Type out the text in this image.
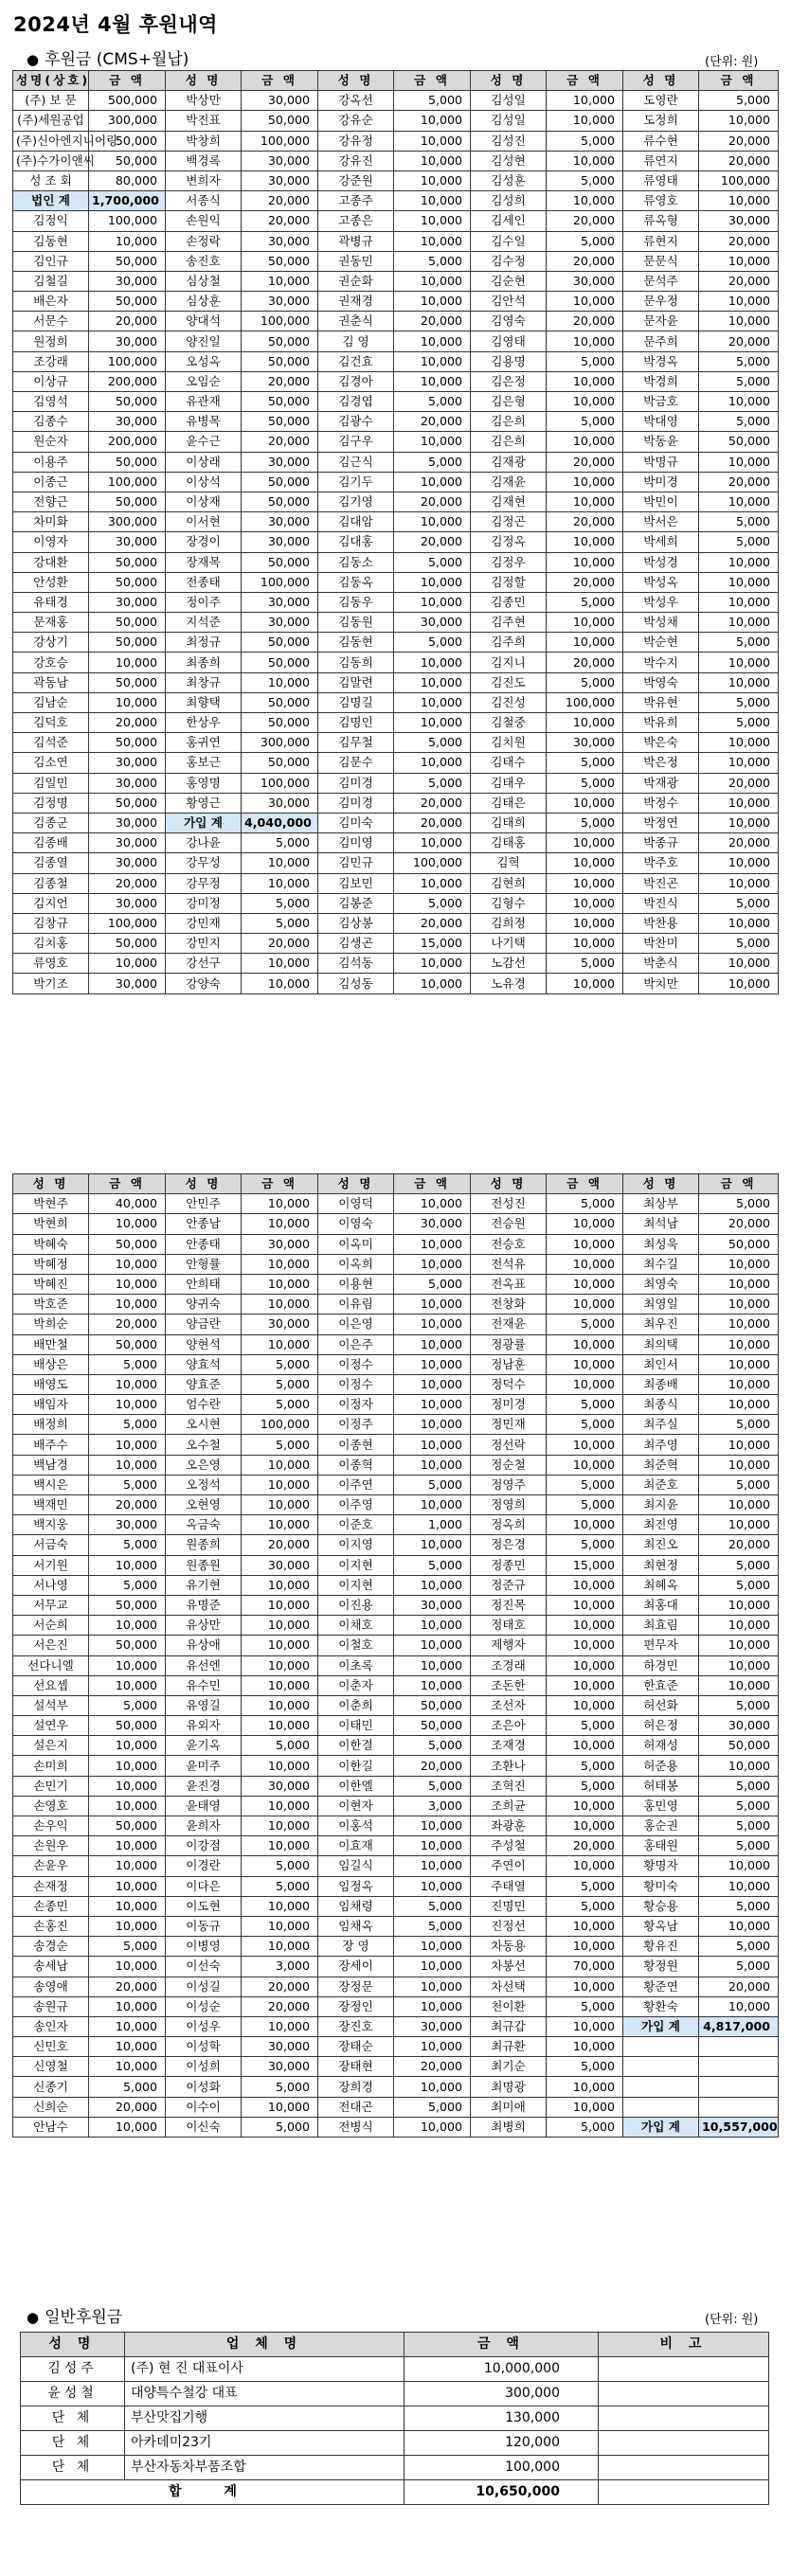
2024년 4월 후원내역
● 후원금 (CMS+월납)	(단위: 원)
성명(상호)	금 액	성 명	금 액	성 명	금 액	성 명	금 액	성 명	금 액
(주) 보 문	500,000	박상만	30,000	강옥선	5,000	김성일	10,000	도영란	5,000
(주)세원공업	300,000	박진표	50,000	강유순	10,000	김성일	10,000	도정희	10,000
(주)신아엔지니어링	50,000	박창희	100,000	강유정	10,000	김성진	5,000	류수현	20,000
(주)수가이앤씨	50,000	백경록	30,000	강유진	10,000	김성현	10,000	류연지	20,000
성 조 회	80,000	변희자	30,000	강준원	10,000	김성훈	5,000	류영태	100,000
법인 계	1,700,000	서종식	20,000	고종주	10,000	김성희	10,000	류영호	10,000
김정익	100,000	손원익	20,000	고종은	10,000	김세인	20,000	류옥형	30,000
김동현	10,000	손정락	30,000	곽병규	10,000	김수일	5,000	류현지	20,000
김인규	50,000	송진호	50,000	권동민	5,000	김수정	20,000	문문식	10,000
김철길	30,000	심상철	10,000	권순화	10,000	김순현	30,000	문석주	20,000
배은자	50,000	심상훈	30,000	권재경	10,000	김안석	10,000	문우정	10,000
서문수	20,000	양대석	100,000	권춘식	20,000	김영숙	20,000	문자윤	10,000
원정희	30,000	양진일	50,000	김 영	10,000	김영태	10,000	문주희	20,000
조강래	100,000	오성옥	50,000	김건효	10,000	김용명	5,000	박경옥	5,000
이상규	200,000	오임순	20,000	김경아	10,000	김은정	10,000	박경희	5,000
김영석	50,000	유관재	50,000	김경엽	5,000	김은형	10,000	박금호	10,000
김종수	30,000	유병목	50,000	김광수	20,000	김은희	5,000	박대영	5,000
원순자	200,000	윤수근	20,000	김구우	10,000	김은희	10,000	박동윤	50,000
이용주	50,000	이상래	30,000	김근식	5,000	김재광	20,000	박명규	10,000
이종근	100,000	이상석	50,000	김기두	10,000	김재윤	10,000	박미경	20,000
전향근	50,000	이상재	50,000	김기영	20,000	김재현	10,000	박민이	10,000
차미화	300,000	이서현	30,000	김대암	10,000	김정곤	20,000	박서은	5,000
이영자	30,000	장경이	30,000	김대홍	20,000	김정옥	10,000	박세희	5,000
강대환	50,000	장재목	50,000	김동소	5,000	김정우	10,000	박성경	10,000
안성환	50,000	전종태	100,000	김동옥	10,000	김정할	20,000	박성옥	10,000
유태경	30,000	정이주	30,000	김동우	10,000	김종민	5,000	박성우	10,000
문재홍	50,000	지석준	30,000	김동원	30,000	김주현	10,000	박성채	10,000
강상기	50,000	최정규	50,000	김동현	5,000	김주희	10,000	박순현	5,000
강호승	10,000	최종희	50,000	김동희	10,000	김지니	20,000	박수지	10,000
곽동남	50,000	최창규	10,000	김말련	10,000	김진도	5,000	박영숙	10,000
김남순	10,000	최향택	50,000	김명길	10,000	김진성	100,000	박유현	5,000
김덕호	20,000	한상우	50,000	김명인	10,000	김철중	10,000	박유희	5,000
김석준	50,000	홍귀연	300,000	김무철	5,000	김치원	30,000	박은숙	10,000
김소연	30,000	홍보근	50,000	김문수	10,000	김태수	5,000	박은정	10,000
김일민	30,000	홍영명	100,000	김미경	5,000	김태우	5,000	박재광	20,000
김정명	50,000	황영근	30,000	김미경	20,000	김태은	10,000	박정수	10,000
김종군	30,000	가입 계	4,040,000	김미숙	20,000	김태희	5,000	박정연	10,000
김종배	30,000	강나윤	5,000	김미영	10,000	김태홍	10,000	박종규	20,000
김종열	30,000	강무성	10,000	김민규	100,000	김혁	10,000	박주호	10,000
김종철	20,000	강무정	10,000	김보민	10,000	김현희	10,000	박진곤	10,000
김지언	30,000	강미정	5,000	김봉준	5,000	김형수	10,000	박진식	5,000
김창규	100,000	강민재	5,000	김상봉	20,000	김희정	10,000	박찬용	10,000
김치홍	50,000	강민지	20,000	김생곤	15,000	나기택	10,000	박찬미	5,000
류영호	10,000	강선구	10,000	김석동	10,000	노감선	5,000	박춘식	10,000
박기조	30,000	강양숙	10,000	김성동	10,000	노유경	10,000	박치만	10,000
성 명	금 액	성 명	금 액	성 명	금 액	성 명	금 액	성 명	금 액
박현주	40,000	안민주	10,000	이영덕	10,000	전성진	5,000	최상부	5,000
박현희	10,000	안종남	10,000	이영숙	30,000	전승원	10,000	최석남	20,000
박혜숙	50,000	안종태	30,000	이옥미	10,000	전승호	10,000	최성욱	50,000
박혜정	10,000	안형률	10,000	이옥희	10,000	전석유	10,000	최수길	10,000
박혜진	10,000	안희태	10,000	이용현	5,000	전옥표	10,000	최영숙	10,000
박호준	10,000	양귀숙	10,000	이유림	10,000	전창화	10,000	최영일	10,000
박희순	20,000	양금란	30,000	이은영	10,000	전재윤	5,000	최우진	10,000
배만철	50,000	양현석	10,000	이은주	10,000	정광률	10,000	최의택	10,000
배상은	5,000	양효석	5,000	이정수	10,000	정남훈	10,000	최인서	10,000
배영도	10,000	양효준	5,000	이정수	10,000	정덕수	10,000	최종배	10,000
배임자	10,000	엄수란	5,000	이정자	10,000	정미경	5,000	최종식	10,000
배정희	5,000	오시현	100,000	이정주	10,000	정민재	5,000	최주실	5,000
배주수	10,000	오수철	5,000	이종현	10,000	정선락	10,000	최주영	10,000
백남경	10,000	오은영	10,000	이종혁	10,000	정순철	10,000	최준혁	10,000
백시은	5,000	오정석	10,000	이주연	5,000	정영주	5,000	최준호	5,000
백재민	20,000	오현영	10,000	이주영	10,000	정영희	5,000	최지윤	10,000
백지웅	30,000	옥금숙	10,000	이준호	1,000	정옥희	10,000	최진영	10,000
서금숙	5,000	원종희	20,000	이지영	10,000	정은경	5,000	최진오	20,000
서기원	10,000	원종원	30,000	이지현	5,000	정종민	15,000	최현정	5,000
서나영	5,000	유기현	10,000	이지현	10,000	정준규	10,000	최혜옥	5,000
서무교	50,000	유명준	10,000	이진용	30,000	정진목	10,000	최홍대	10,000
서순희	10,000	유상만	10,000	이채호	10,000	정태호	10,000	최효림	10,000
서은진	50,000	유상애	10,000	이철호	10,000	제행자	10,000	편무자	10,000
선다니엘	10,000	유선엔	10,000	이초록	10,000	조경래	10,000	하경민	10,000
선요셉	10,000	유수민	10,000	이춘자	10,000	조돈한	10,000	한효준	10,000
설석부	5,000	유영길	10,000	이춘희	50,000	조선자	10,000	허선화	5,000
설연우	50,000	유외자	10,000	이태민	50,000	조은아	5,000	허은정	30,000
설은지	10,000	윤기옥	5,000	이한결	5,000	조재경	10,000	허재성	50,000
손미희	10,000	윤미주	10,000	이한길	20,000	조환나	5,000	허준용	10,000
손민기	10,000	윤진경	30,000	이한엘	5,000	조혁진	5,000	허태봉	5,000
손영호	10,000	윤태영	10,000	이현자	3,000	조희균	10,000	홍민영	5,000
손우익	50,000	윤희자	10,000	이홍석	10,000	좌광훈	10,000	홍순권	5,000
손원우	10,000	이강점	10,000	이효재	10,000	주성철	20,000	홍태원	5,000
손윤우	10,000	이경란	5,000	임길식	10,000	주연이	10,000	황명자	10,000
손재정	10,000	이다은	5,000	임정옥	10,000	주태열	5,000	황미숙	10,000
손종민	10,000	이도현	10,000	임채령	5,000	진명민	5,000	황승용	5,000
손홍진	10,000	이동규	10,000	임채옥	5,000	진정선	10,000	황옥남	10,000
송경순	5,000	이병영	10,000	장 영	10,000	차동용	10,000	황유진	5,000
송세남	10,000	이선숙	3,000	장세이	10,000	차봉선	70,000	황정원	5,000
송영애	20,000	이성길	20,000	장정문	10,000	차선택	10,000	황준연	20,000
송원규	10,000	이성순	20,000	장정인	10,000	천이환	5,000	황환숙	10,000
송인자	10,000	이성우	10,000	장진호	30,000	최규갑	10,000	가입 계	4,817,000
신민호	10,000	이성학	30,000	장태순	10,000	최규환	10,000		
신영철	10,000	이성희	30,000	장태현	20,000	최기순	5,000		
신종기	5,000	이성화	5,000	장희경	10,000	최명광	10,000		
신희순	20,000	이수이	10,000	전대곤	5,000	최미애	10,000		
안남수	10,000	이신숙	5,000	전병식	10,000	최병희	5,000	가입 계	10,557,000
● 일반후원금	(단위: 원)
성 명	업 체 명	금 액	비 고
김성주	(주) 현 진 대표이사	10,000,000	
윤성철	대양특수철강 대표	300,000	
단 체	부산맛집기행	130,000	
단 체	아카데미23기	120,000	
단 체	부산자동차부품조합	100,000	
합 계		10,650,000	
